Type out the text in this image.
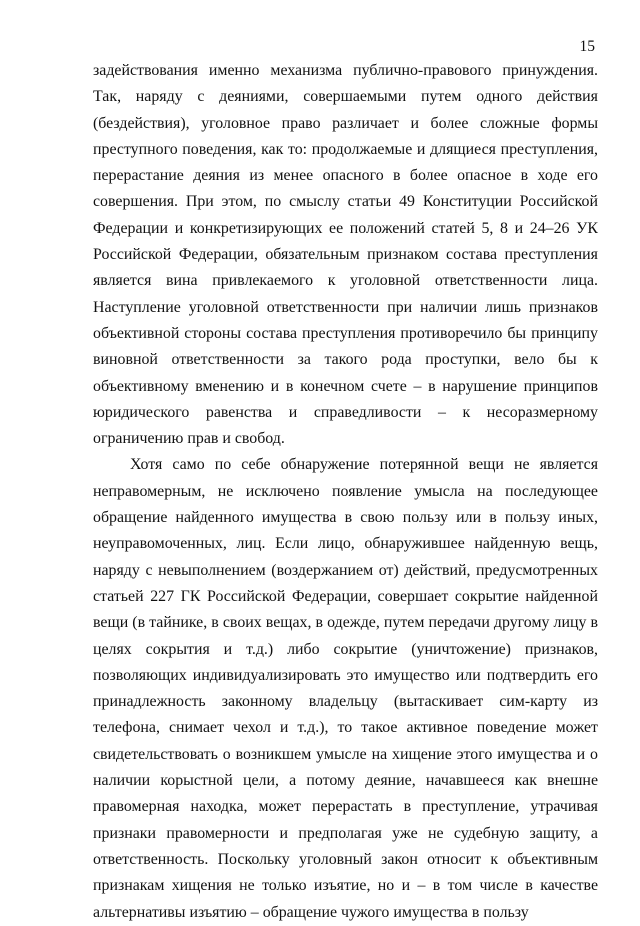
15

задействования именно механизма публично-правового принуждения. Так, наряду с деяниями, совершаемыми путем одного действия (бездействия), уголовное право различает и более сложные формы преступного поведения, как то: продолжаемые и длящиеся преступления, перерастание деяния из менее опасного в более опасное в ходе его совершения. При этом, по смыслу статьи 49 Конституции Российской Федерации и конкретизирующих ее положений статей 5, 8 и 24–26 УК Российской Федерации, обязательным признаком состава преступления является вина привлекаемого к уголовной ответственности лица. Наступление уголовной ответственности при наличии лишь признаков объективной стороны состава преступления противоречило бы принципу виновной ответственности за такого рода проступки, вело бы к объективному вменению и в конечном счете – в нарушение принципов юридического равенства и справедливости – к несоразмерному ограничению прав и свобод.

Хотя само по себе обнаружение потерянной вещи не является неправомерным, не исключено появление умысла на последующее обращение найденного имущества в свою пользу или в пользу иных, неуправомоченных, лиц. Если лицо, обнаружившее найденную вещь, наряду с невыполнением (воздержанием от) действий, предусмотренных статьей 227 ГК Российской Федерации, совершает сокрытие найденной вещи (в тайнике, в своих вещах, в одежде, путем передачи другому лицу в целях сокрытия и т.д.) либо сокрытие (уничтожение) признаков, позволяющих индивидуализировать это имущество или подтвердить его принадлежность законному владельцу (вытаскивает сим-карту из телефона, снимает чехол и т.д.), то такое активное поведение может свидетельствовать о возникшем умысле на хищение этого имущества и о наличии корыстной цели, а потому деяние, начавшееся как внешне правомерная находка, может перерастать в преступление, утрачивая признаки правомерности и предполагая уже не судебную защиту, а ответственность. Поскольку уголовный закон относит к объективным признакам хищения не только изъятие, но и – в том числе в качестве альтернативы изъятию – обращение чужого имущества в пользу
